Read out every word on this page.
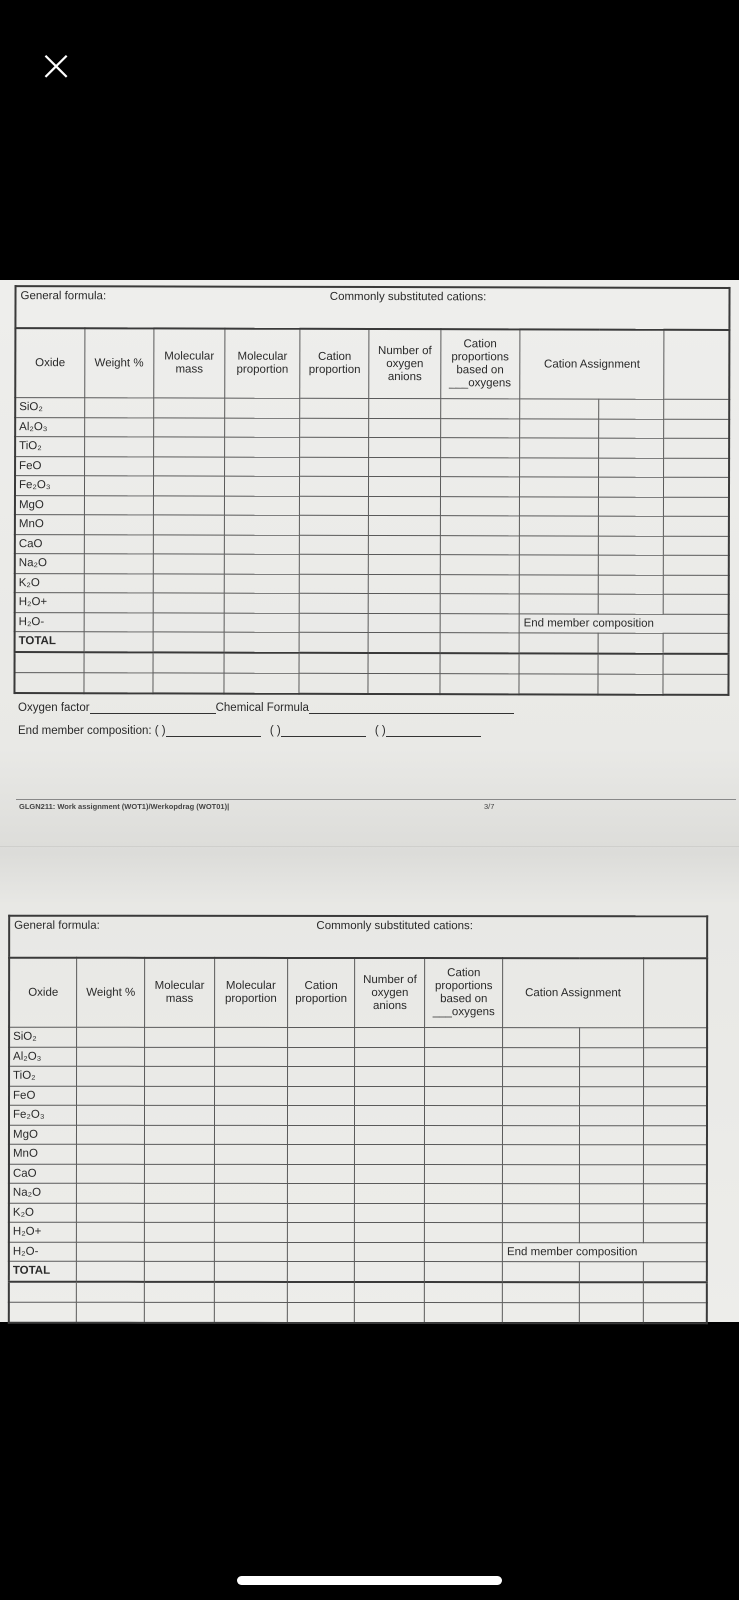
×
General formula:	Commonly substituted cations:
Oxide	Weight %	Molecular mass	Molecular proportion	Cation proportion	Number of oxygen anions	Cation proportions based on ___oxygens	Cation Assignment		
SiO₂									
Al₂O₃									
TiO₂									
FeO									
Fe₂O₃									
MgO									
MnO									
CaO									
Na₂O									
K₂O									
H₂O+									
H₂O-							End member composition		
TOTAL									

Oxygen factor	Chemical Formula
End member composition: ( )	( )	( )
GLGN211: Work assignment (WOT1)/Werkopdrag (WOT01)|	3/7
General formula:	Commonly substituted cations:
Oxide	Weight %	Molecular mass	Molecular proportion	Cation proportion	Number of oxygen anions	Cation proportions based on ___oxygens	Cation Assignment		
SiO₂									
Al₂O₃									
TiO₂									
FeO									
Fe₂O₃									
MgO									
MnO									
CaO									
Na₂O									
K₂O									
H₂O+									
H₂O-							End member composition		
TOTAL									
